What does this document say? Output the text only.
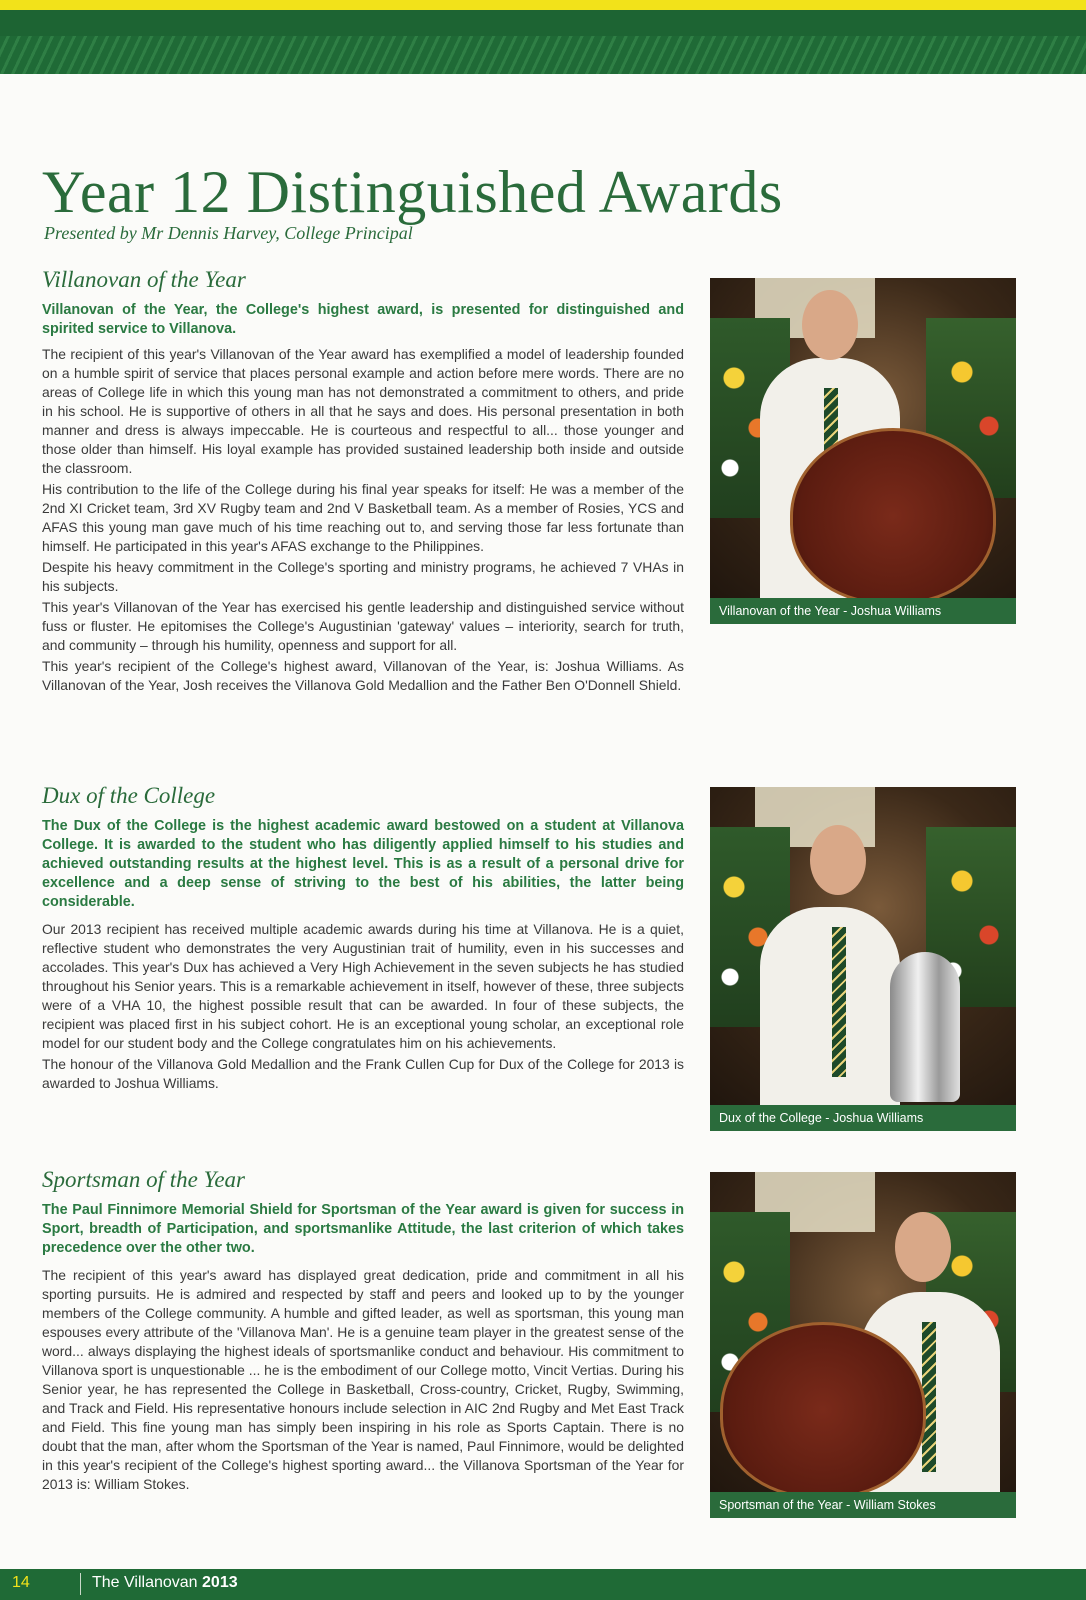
Year 12 Distinguished Awards

Presented by Mr Dennis Harvey, College Principal

Villanovan of the Year

Villanovan of the Year, the College's highest award, is presented for distinguished and spirited service to Villanova.

The recipient of this year's Villanovan of the Year award has exemplified a model of leadership founded on a humble spirit of service that places personal example and action before mere words. There are no areas of College life in which this young man has not demonstrated a commitment to others, and pride in his school. He is supportive of others in all that he says and does. His personal presentation in both manner and dress is always impeccable. He is courteous and respectful to all... those younger and those older than himself. His loyal example has provided sustained leadership both inside and outside the classroom.

His contribution to the life of the College during his final year speaks for itself: He was a member of the 2nd XI Cricket team, 3rd XV Rugby team and 2nd V Basketball team. As a member of Rosies, YCS and AFAS this young man gave much of his time reaching out to, and serving those far less fortunate than himself. He participated in this year's AFAS exchange to the Philippines.

Despite his heavy commitment in the College's sporting and ministry programs, he achieved 7 VHAs in his subjects.

This year's Villanovan of the Year has exercised his gentle leadership and distinguished service without fuss or fluster. He epitomises the College's Augustinian 'gateway' values – interiority, search for truth, and community – through his humility, openness and support for all.

This year's recipient of the College's highest award, Villanovan of the Year, is: Joshua Williams. As Villanovan of the Year, Josh receives the Villanova Gold Medallion and the Father Ben O'Donnell Shield.

Villanovan of the Year - Joshua Williams
Dux of the College

The Dux of the College is the highest academic award bestowed on a student at Villanova College. It is awarded to the student who has diligently applied himself to his studies and achieved outstanding results at the highest level. This is as a result of a personal drive for excellence and a deep sense of striving to the best of his abilities, the latter being considerable.

Our 2013 recipient has received multiple academic awards during his time at Villanova. He is a quiet, reflective student who demonstrates the very Augustinian trait of humility, even in his successes and accolades. This year's Dux has achieved a Very High Achievement in the seven subjects he has studied throughout his Senior years. This is a remarkable achievement in itself, however of these, three subjects were of a VHA 10, the highest possible result that can be awarded. In four of these subjects, the recipient was placed first in his subject cohort. He is an exceptional young scholar, an exceptional role model for our student body and the College congratulates him on his achievements.

The honour of the Villanova Gold Medallion and the Frank Cullen Cup for Dux of the College for 2013 is awarded to Joshua Williams.

Dux of the College - Joshua Williams
Sportsman of the Year

The Paul Finnimore Memorial Shield for Sportsman of the Year award is given for success in Sport, breadth of Participation, and sportsmanlike Attitude, the last criterion of which takes precedence over the other two.

The recipient of this year's award has displayed great dedication, pride and commitment in all his sporting pursuits. He is admired and respected by staff and peers and looked up to by the younger members of the College community. A humble and gifted leader, as well as sportsman, this young man espouses every attribute of the 'Villanova Man'. He is a genuine team player in the greatest sense of the word... always displaying the highest ideals of sportsmanlike conduct and behaviour. His commitment to Villanova sport is unquestionable ... he is the embodiment of our College motto, Vincit Vertias. During his Senior year, he has represented the College in Basketball, Cross-country, Cricket, Rugby, Swimming, and Track and Field. His representative honours include selection in AIC 2nd Rugby and Met East Track and Field. This fine young man has simply been inspiring in his role as Sports Captain. There is no doubt that the man, after whom the Sportsman of the Year is named, Paul Finnimore, would be delighted in this year's recipient of the College's highest sporting award... the Villanova Sportsman of the Year for 2013 is: William Stokes.

Sportsman of the Year - William Stokes
14	The Villanovan 2013
